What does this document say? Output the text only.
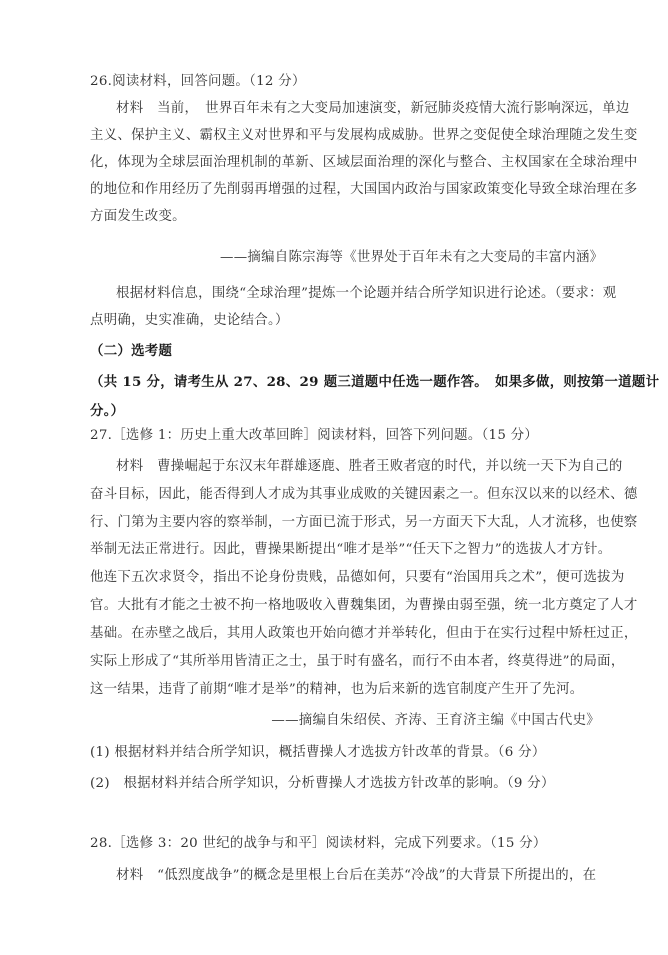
26.阅读材料，回答问题。（12 分）
材料　当前，　世界百年未有之大变局加速演变，新冠肺炎疫情大流行影响深远，单边
主义、保护主义、霸权主义对世界和平与发展构成威胁。世界之变促使全球治理随之发生变
化，体现为全球层面治理机制的革新、区域层面治理的深化与整合、主权国家在全球治理中
的地位和作用经历了先削弱再增强的过程，大国国内政治与国家政策变化导致全球治理在多
方面发生改变。
——摘编自陈宗海等《世界处于百年未有之大变局的丰富内涵》
根据材料信息，围绕“全球治理”提炼一个论题并结合所学知识进行论述。（要求：观
点明确，史实准确，史论结合。）
（二）选考题
（共 15 分，请考生从 27、28、29 题三道题中任选一题作答。　如果多做，则按第一道题计
分。）
27.［选修 1：历史上重大改革回眸］阅读材料，回答下列问题。（15 分）
材料　曹操崛起于东汉末年群雄逐鹿、胜者王败者寇的时代，并以统一天下为自己的
奋斗目标，因此，能否得到人才成为其事业成败的关键因素之一。但东汉以来的以经术、德
行、门第为主要内容的察举制，一方面已流于形式，另一方面天下大乱，人才流移，也使察
举制无法正常进行。因此，曹操果断提出“唯才是举”“任天下之智力”的选拔人才方针。
他连下五次求贤令，指出不论身份贵贱，品德如何，只要有“治国用兵之术”，便可选拔为
官。大批有才能之士被不拘一格地吸收入曹魏集团，为曹操由弱至强，统一北方奠定了人才
基础。在赤壁之战后，其用人政策也开始向德才并举转化，但由于在实行过程中矫枉过正，
实际上形成了“其所举用皆清正之士，虽于时有盛名，而行不由本者，终莫得进”的局面，
这一结果，违背了前期“唯才是举”的精神，也为后来新的选官制度产生开了先河。
——摘编自朱绍侯、齐涛、王育济主编《中国古代史》
(1) 根据材料并结合所学知识，概括曹操人才选拔方针改革的背景。（6 分）
(2)　根据材料并结合所学知识，分析曹操人才选拔方针改革的影响。（9 分）
28.［选修 3：20 世纪的战争与和平］阅读材料，完成下列要求。（15 分）
材料　“低烈度战争”的概念是里根上台后在美苏“冷战”的大背景下所提出的，在
